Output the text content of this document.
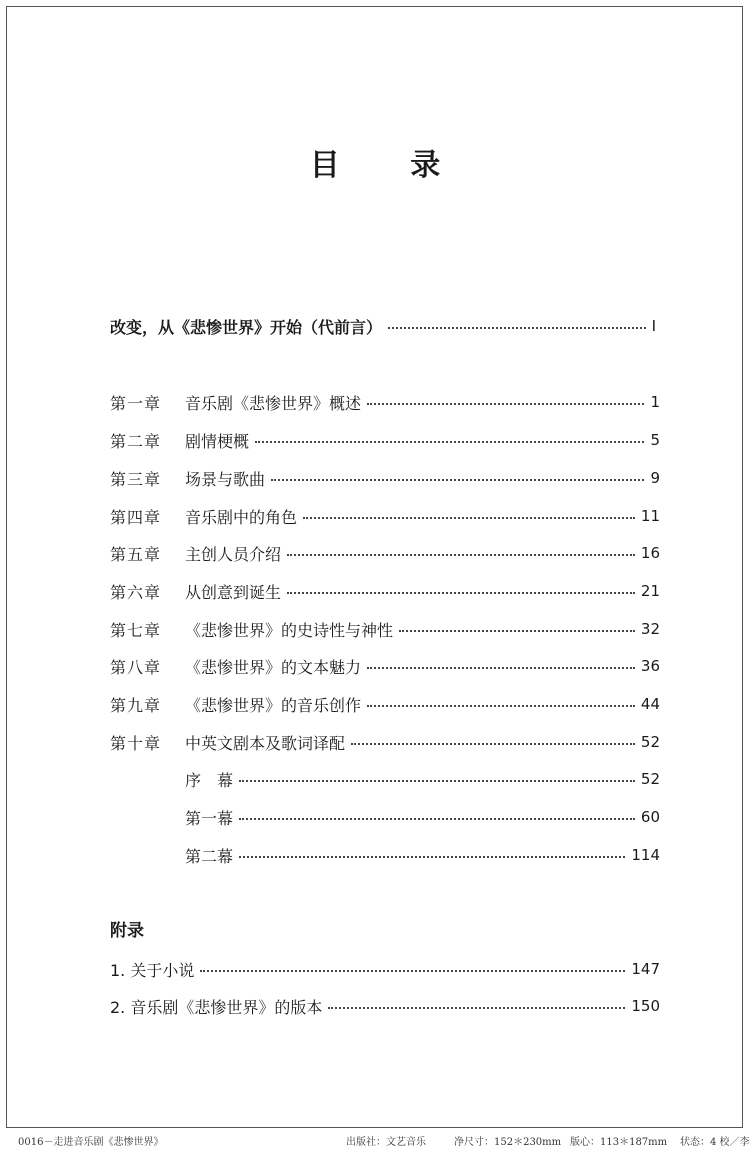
目 录
改变，从《悲惨世界》开始（代前言）	I
第一章	音乐剧《悲惨世界》概述	1
第二章	剧情梗概	5
第三章	场景与歌曲	9
第四章	音乐剧中的角色	11
第五章	主创人员介绍	16
第六章	从创意到诞生	21
第七章	《悲惨世界》的史诗性与神性	32
第八章	《悲惨世界》的文本魅力	36
第九章	《悲惨世界》的音乐创作	44
第十章	中英文剧本及歌词译配	52
序　幕	52
第一幕	60
第二幕	114
附录
1. 关于小说	147
2. 音乐剧《悲惨世界》的版本	150
0016－走进音乐剧《悲惨世界》	出版社：文艺音乐	净尺寸：152＊230mm 版心：113＊187mm 状态：4 校／李
